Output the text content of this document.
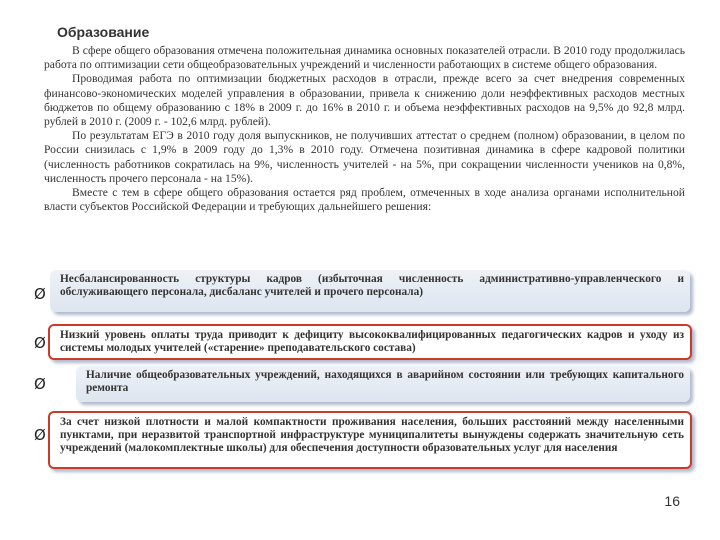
Образование

В сфере общего образования отмечена положительная динамика основных показателей отрасли. В 2010 году продолжилась работа по оптимизации сети общеобразовательных учреждений и численности работающих в системе общего образования.

Проводимая работа по оптимизации бюджетных расходов в отрасли, прежде всего за счет внедрения современных финансово-экономических моделей управления в образовании, привела к снижению доли неэффективных расходов местных бюджетов по общему образованию с 18% в 2009 г. до 16% в 2010 г. и объема неэффективных расходов на 9,5% до 92,8 млрд. рублей в 2010 г. (2009 г. - 102,6 млрд. рублей).

По результатам ЕГЭ в 2010 году доля выпускников, не получивших аттестат о среднем (полном) образовании, в целом по России снизилась с 1,9% в 2009 году до 1,3% в 2010 году. Отмечена позитивная динамика в сфере кадровой политики (численность работников сократилась на 9%, численность учителей - на 5%, при сокращении численности учеников на 0,8%, численность прочего персонала - на 15%).

Вместе с тем в сфере общего образования остается ряд проблем, отмеченных в ходе анализа органами исполнительной власти субъектов Российской Федерации и требующих дальнейшего решения:

Ø
Несбалансированность структуры кадров (избыточная численность административно-управленческого и обслуживающего персонала, дисбаланс учителей и прочего персонала)
Ø	Низкий уровень оплаты труда приводит к дефициту высококвалифицированных педагогических кадров и уходу из системы молодых учителей («старение» преподавательского состава)
Ø	Наличие общеобразовательных учреждений, находящихся в аварийном состоянии или требующих капитального ремонта
Ø
За счет низкой плотности и малой компактности проживания населения, больших расстояний между населенными пунктами, при неразвитой транспортной инфраструктуре муниципалитеты вынуждены содержать значительную сеть учреждений (малокомплектные школы) для обеспечения доступности образовательных услуг для населения
16
